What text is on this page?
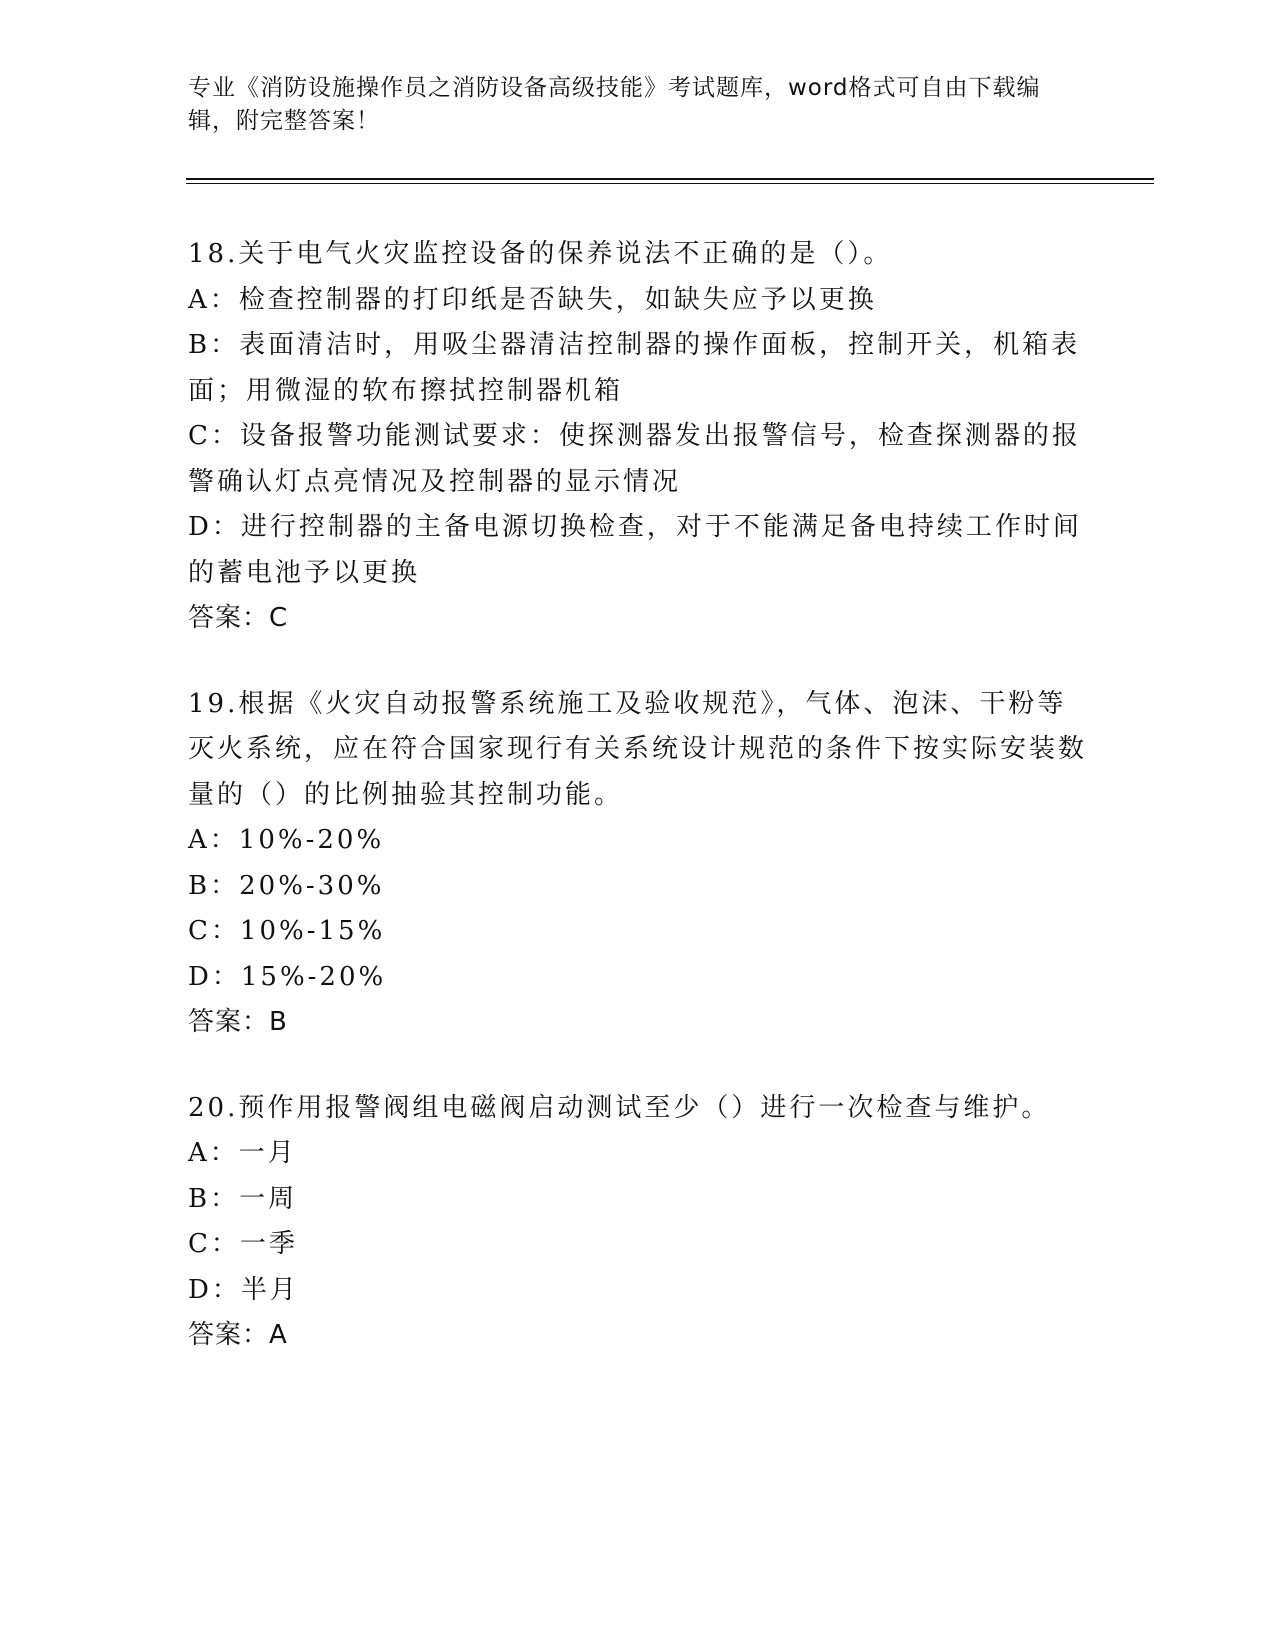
专业《消防设施操作员之消防设备高级技能》考试题库，word格式可自由下载编辑，附完整答案！
18.关于电气火灾监控设备的保养说法不正确的是（）。
A： 检查控制器的打印纸是否缺失，如缺失应予以更换
B：表面清洁时，用吸尘器清洁控制器的操作面板，控制开关，机箱表面；用微湿的软布擦拭控制器机箱
C：设备报警功能测试要求：使探测器发出报警信号，检查探测器的报警确认灯点亮情况及控制器的显示情况
D：进行控制器的主备电源切换检查，对于不能满足备电持续工作时间的蓄电池予以更换
答案：C
19.根据《火灾自动报警系统施工及验收规范》，气体、泡沫、干粉等灭火系统，应在符合国家现行有关系统设计规范的条件下按实际安装数量的（）的比例抽验其控制功能。
A： 10%-20%
B： 20%-30%
C： 10%-15%
D： 15%-20%
答案：B
20.预作用报警阀组电磁阀启动测试至少（）进行一次检查与维护。
A： 一月
B： 一周
C： 一季
D： 半月
答案：A
